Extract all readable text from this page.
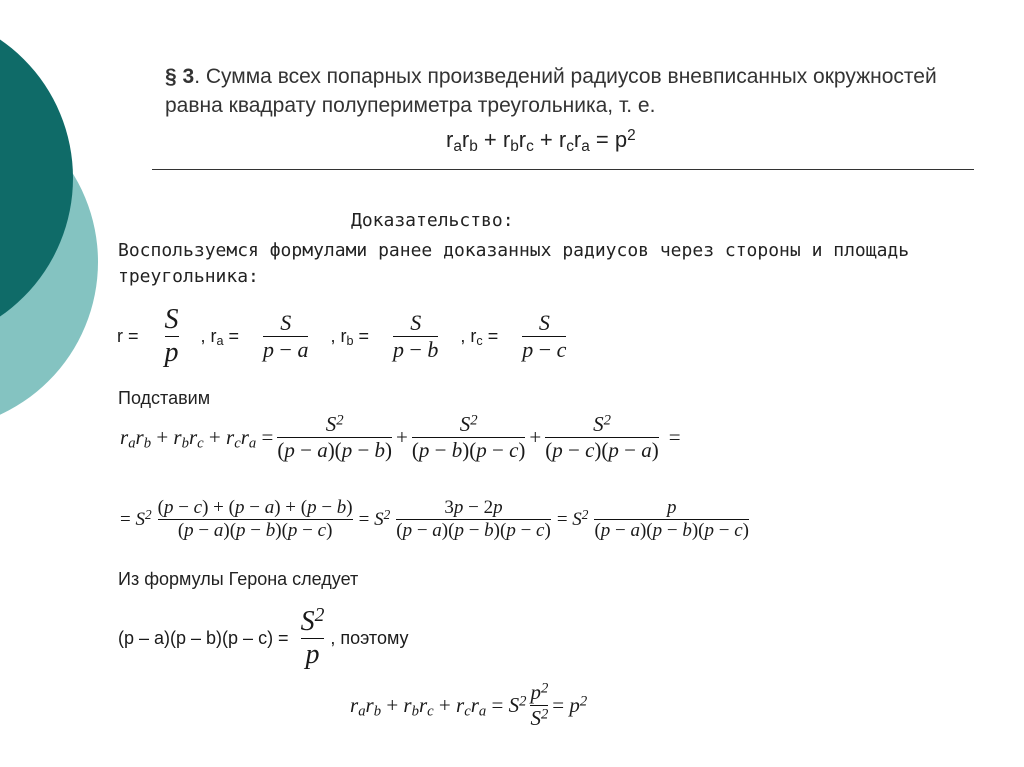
§ 3. Сумма всех попарных произведений радиусов вневписанных окружностей равна квадрату полупериметра треугольника, т. е.
$r_ar_b + r_br_c + r_cr_a = p^2$
Доказательство:
Воспользуемся формулами ранее доказанных радиусов через стороны и площадь треугольника:
$r = \frac{S}{p}$ , $r_a = \frac{S}{p - a}$ , $r_b = \frac{S}{p - b}$ , $r_c = \frac{S}{p - c}$
Подставим
$r_ar_b + r_br_c + r_cr_a = \frac{S^2}{(p - a)(p - b)} + \frac{S^2}{(p - b)(p - c)} + \frac{S^2}{(p - c)(p - a)}$ =
= $S^2 \frac{(p - c) + (p - a) + (p - b)}{(p - a)(p - b)(p - c)} = S^2 \frac{3p - 2p}{(p - a)(p - b)(p - c)} = S^2 \frac{p}{(p - a)(p - b)(p - c)}$
Из формулы Герона следует
$(p - a)(p - b)(p - c) = \frac{S^2}{p}$ , поэтому
$r_ar_b + r_br_c + r_cr_a = S^2 \frac{p^2}{S^2} = p^2$
